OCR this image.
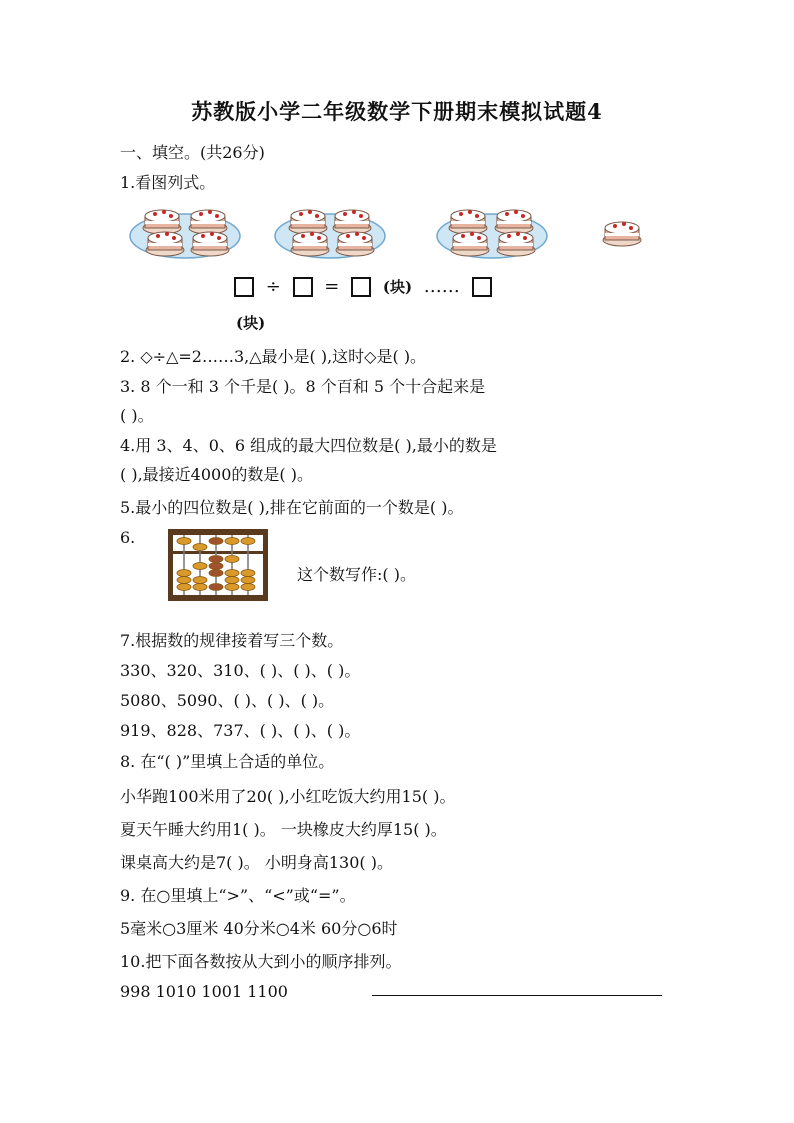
苏教版小学二年级数学下册期末模拟试题4
一、填空。(共26分)
1.看图列式。
÷ =	(块) ……
(块)
2. ◇÷△=2……3,△最小是( ),这时◇是( )。
3. 8 个一和 3 个千是( )。8 个百和 5 个十合起来是
( )。
4.用 3、4、0、6 组成的最大四位数是( ),最小的数是
( ),最接近4000的数是( )。
5.最小的四位数是( ),排在它前面的一个数是( )。
6.
这个数写作:( )。
7.根据数的规律接着写三个数。
330、320、310、( )、( )、( )。
5080、5090、( )、( )、( )。
919、828、737、( )、( )、( )。
8. 在“( )”里填上合适的单位。
小华跑100米用了20( ),小红吃饭大约用15( )。
夏天午睡大约用1( )。 一块橡皮大约厚15( )。
课桌高大约是7( )。 小明身高130( )。
9. 在○里填上“>”、“<”或“=”。
5毫米○3厘米 40分米○4米 60分○6时
10.把下面各数按从大到小的顺序排列。
998 1010 1001 1100
